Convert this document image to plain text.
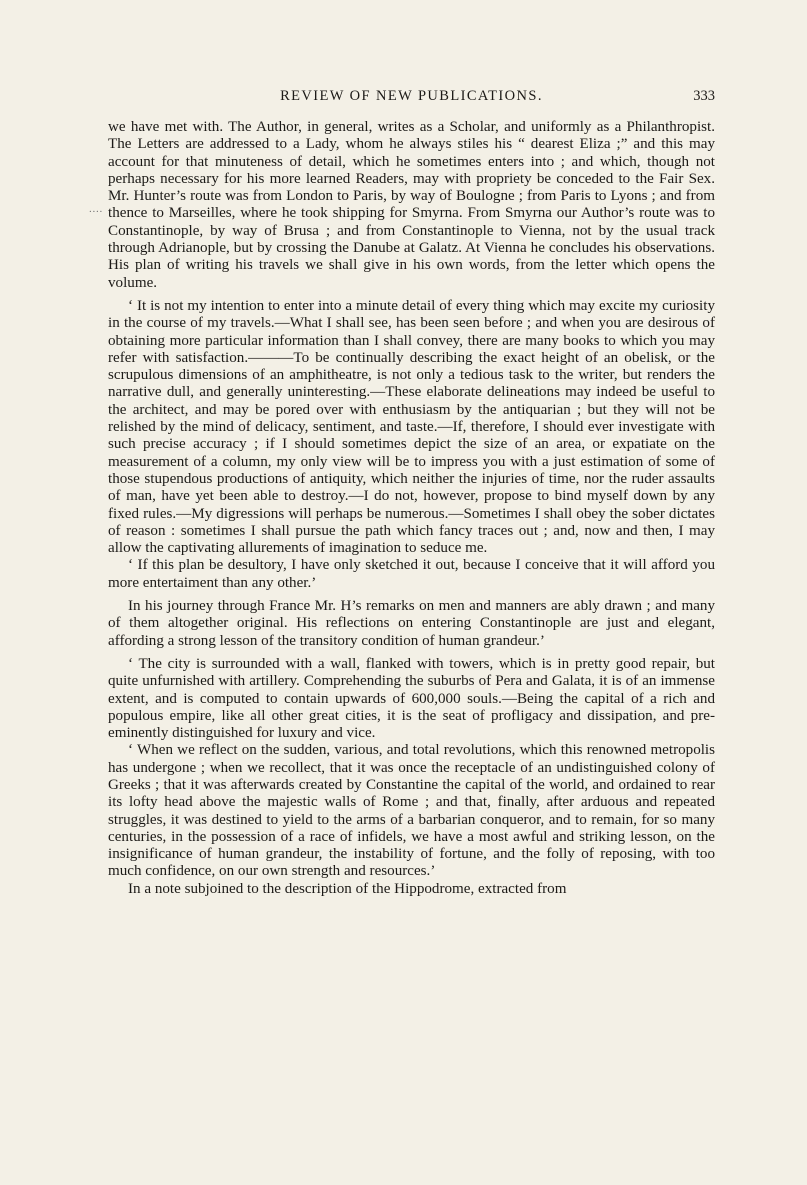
REVIEW OF NEW PUBLICATIONS.	333
. . . .

we have met with. The Author, in general, writes as a Scholar, and uniformly as a Philanthropist. The Letters are addressed to a Lady, whom he always stiles his “ dearest Eliza ;” and this may account for that minuteness of detail, which he sometimes enters into ; and which, though not perhaps necessary for his more learned Readers, may with propriety be conceded to the Fair Sex. Mr. Hunter’s route was from London to Paris, by way of Boulogne ; from Paris to Lyons ; and from thence to Marseilles, where he took shipping for Smyrna. From Smyrna our Author’s route was to Constantinople, by way of Brusa ; and from Constantinople to Vienna, not by the usual track through Adrianople, but by crossing the Danube at Galatz. At Vienna he concludes his observations. His plan of writing his travels we shall give in his own words, from the letter which opens the volume.

‘ It is not my intention to enter into a minute detail of every thing which may excite my curiosity in the course of my travels.—What I shall see, has been seen before ; and when you are desirous of obtaining more particular information than I shall convey, there are many books to which you may refer with satisfaction.———To be continually describing the exact height of an obelisk, or the scrupulous dimensions of an amphitheatre, is not only a tedious task to the writer, but renders the narrative dull, and generally uninteresting.—These elaborate delineations may indeed be useful to the architect, and may be pored over with enthusiasm by the antiquarian ; but they will not be relished by the mind of delicacy, sentiment, and taste.—If, therefore, I should ever investigate with such precise accuracy ; if I should sometimes depict the size of an area, or expatiate on the measurement of a column, my only view will be to impress you with a just estimation of some of those stupendous productions of antiquity, which neither the injuries of time, nor the ruder assaults of man, have yet been able to destroy.—I do not, however, propose to bind myself down by any fixed rules.—My digressions will perhaps be numerous.—Sometimes I shall obey the sober dictates of reason : sometimes I shall pursue the path which fancy traces out ; and, now and then, I may allow the captivating allurements of imagination to seduce me.

‘ If this plan be desultory, I have only sketched it out, because I conceive that it will afford you more entertaiment than any other.’

In his journey through France Mr. H’s remarks on men and manners are ably drawn ; and many of them altogether original. His reflections on entering Constantinople are just and elegant, affording a strong lesson of the transitory condition of human grandeur.’

‘ The city is surrounded with a wall, flanked with towers, which is in pretty good repair, but quite unfurnished with artillery. Comprehending the suburbs of Pera and Galata, it is of an immense extent, and is computed to contain upwards of 600,000 souls.—Being the capital of a rich and populous empire, like all other great cities, it is the seat of profligacy and dissipation, and pre-eminently distinguished for luxury and vice.

‘ When we reflect on the sudden, various, and total revolutions, which this renowned metropolis has undergone ; when we recollect, that it was once the receptacle of an undistinguished colony of Greeks ; that it was afterwards created by Constantine the capital of the world, and ordained to rear its lofty head above the majestic walls of Rome ; and that, finally, after arduous and repeated struggles, it was destined to yield to the arms of a barbarian conqueror, and to remain, for so many centuries, in the possession of a race of infidels, we have a most awful and striking lesson, on the insignificance of human grandeur, the instability of fortune, and the folly of reposing, with too much confidence, on our own strength and resources.’

In a note subjoined to the description of the Hippodrome, extracted from
